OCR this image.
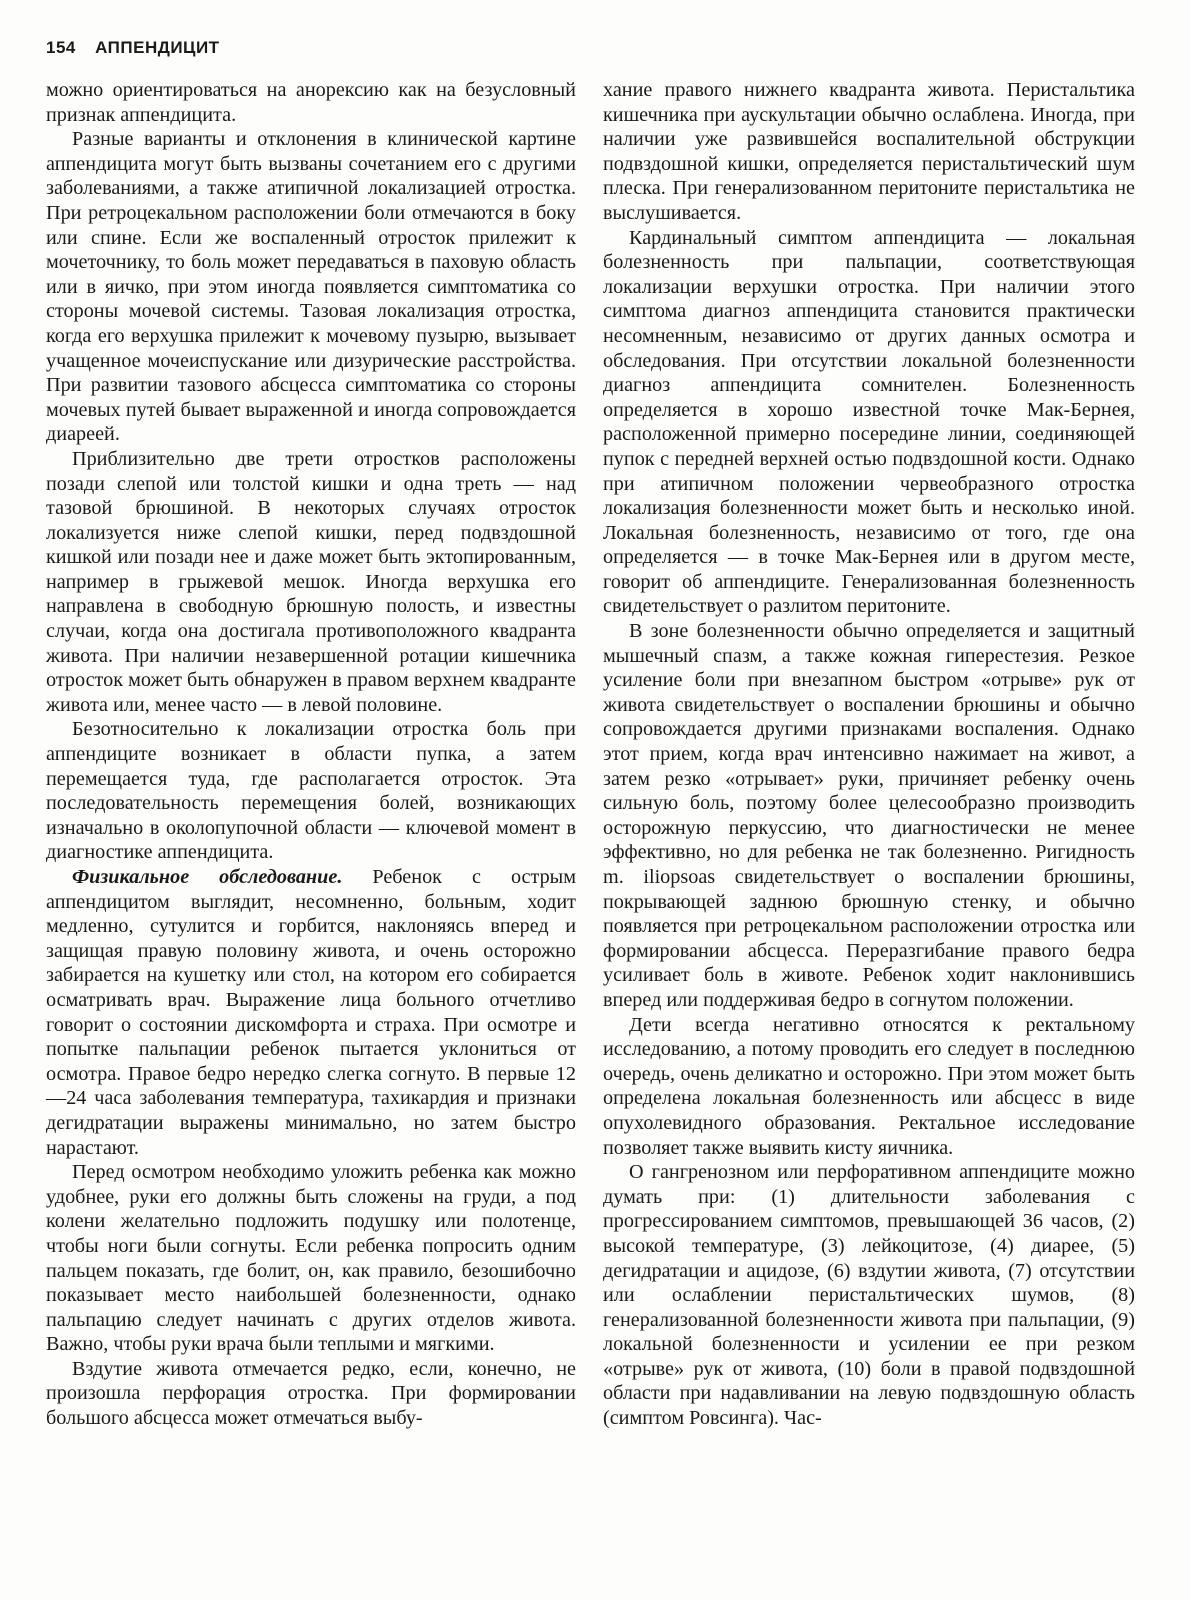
154 АППЕНДИЦИТ

можно ориентироваться на анорексию как на безусловный признак аппендицита.

Разные варианты и отклонения в клинической картине аппендицита могут быть вызваны сочетанием его с другими заболеваниями, а также атипичной локализацией отростка. При ретроцекальном расположении боли отмечаются в боку или спине. Если же воспаленный отросток прилежит к мочеточнику, то боль может передаваться в паховую область или в яичко, при этом иногда появляется симптоматика со стороны мочевой системы. Тазовая локализация отростка, когда его верхушка прилежит к мочевому пузырю, вызывает учащенное мочеиспускание или дизурические расстройства. При развитии тазового абсцесса симптоматика со стороны мочевых путей бывает выраженной и иногда сопровождается диареей.

Приблизительно две трети отростков расположены позади слепой или толстой кишки и одна треть — над тазовой брюшиной. В некоторых случаях отросток локализуется ниже слепой кишки, перед подвздошной кишкой или позади нее и даже может быть эктопированным, например в грыжевой мешок. Иногда верхушка его направлена в свободную брюшную полость, и известны случаи, когда она достигала противоположного квадранта живота. При наличии незавершенной ротации кишечника отросток может быть обнаружен в правом верхнем квадранте живота или, менее часто — в левой половине.

Безотносительно к локализации отростка боль при аппендиците возникает в области пупка, а затем перемещается туда, где располагается отросток. Эта последовательность перемещения болей, возникающих изначально в околопупочной области — ключевой момент в диагностике аппендицита.

Физикальное обследование. Ребенок с острым аппендицитом выглядит, несомненно, больным, ходит медленно, сутулится и горбится, наклоняясь вперед и защищая правую половину живота, и очень осторожно забирается на кушетку или стол, на котором его собирается осматривать врач. Выражение лица больного отчетливо говорит о состоянии дискомфорта и страха. При осмотре и попытке пальпации ребенок пытается уклониться от осмотра. Правое бедро нередко слегка согнуто. В первые 12—24 часа заболевания температура, тахикардия и признаки дегидратации выражены минимально, но затем быстро нарастают.

Перед осмотром необходимо уложить ребенка как можно удобнее, руки его должны быть сложены на груди, а под колени желательно подложить подушку или полотенце, чтобы ноги были согнуты. Если ребенка попросить одним пальцем показать, где болит, он, как правило, безошибочно показывает место наибольшей болезненности, однако пальпацию следует начинать с других отделов живота. Важно, чтобы руки врача были теплыми и мягкими.

Вздутие живота отмечается редко, если, конечно, не произошла перфорация отростка. При формировании большого абсцесса может отмечаться выбу-

хание правого нижнего квадранта живота. Перистальтика кишечника при аускультации обычно ослаблена. Иногда, при наличии уже развившейся воспалительной обструкции подвздошной кишки, определяется перистальтический шум плеска. При генерализованном перитоните перистальтика не выслушивается.

Кардинальный симптом аппендицита — локальная болезненность при пальпации, соответствующая локализации верхушки отростка. При наличии этого симптома диагноз аппендицита становится практически несомненным, независимо от других данных осмотра и обследования. При отсутствии локальной болезненности диагноз аппендицита сомнителен. Болезненность определяется в хорошо известной точке Мак-Бернея, расположенной примерно посередине линии, соединяющей пупок с передней верхней остью подвздошной кости. Однако при атипичном положении червеобразного отростка локализация болезненности может быть и несколько иной. Локальная болезненность, независимо от того, где она определяется — в точке Мак-Бернея или в другом месте, говорит об аппендиците. Генерализованная болезненность свидетельствует о разлитом перитоните.

В зоне болезненности обычно определяется и защитный мышечный спазм, а также кожная гиперестезия. Резкое усиление боли при внезапном быстром «отрыве» рук от живота свидетельствует о воспалении брюшины и обычно сопровождается другими признаками воспаления. Однако этот прием, когда врач интенсивно нажимает на живот, а затем резко «отрывает» руки, причиняет ребенку очень сильную боль, поэтому более целесообразно производить осторожную перкуссию, что диагностически не менее эффективно, но для ребенка не так болезненно. Ригидность m. iliopsoas свидетельствует о воспалении брюшины, покрывающей заднюю брюшную стенку, и обычно появляется при ретроцекальном расположении отростка или формировании абсцесса. Переразгибание правого бедра усиливает боль в животе. Ребенок ходит наклонившись вперед или поддерживая бедро в согнутом положении.

Дети всегда негативно относятся к ректальному исследованию, а потому проводить его следует в последнюю очередь, очень деликатно и осторожно. При этом может быть определена локальная болезненность или абсцесс в виде опухолевидного образования. Ректальное исследование позволяет также выявить кисту яичника.

О гангренозном или перфоративном аппендиците можно думать при: (1) длительности заболевания с прогрессированием симптомов, превышающей 36 часов, (2) высокой температуре, (3) лейкоцитозе, (4) диарее, (5) дегидратации и ацидозе, (6) вздутии живота, (7) отсутствии или ослаблении перистальтических шумов, (8) генерализованной болезненности живота при пальпации, (9) локальной болезненности и усилении ее при резком «отрыве» рук от живота, (10) боли в правой подвздошной области при надавливании на левую подвздошную область (симптом Ровсинга). Час-
